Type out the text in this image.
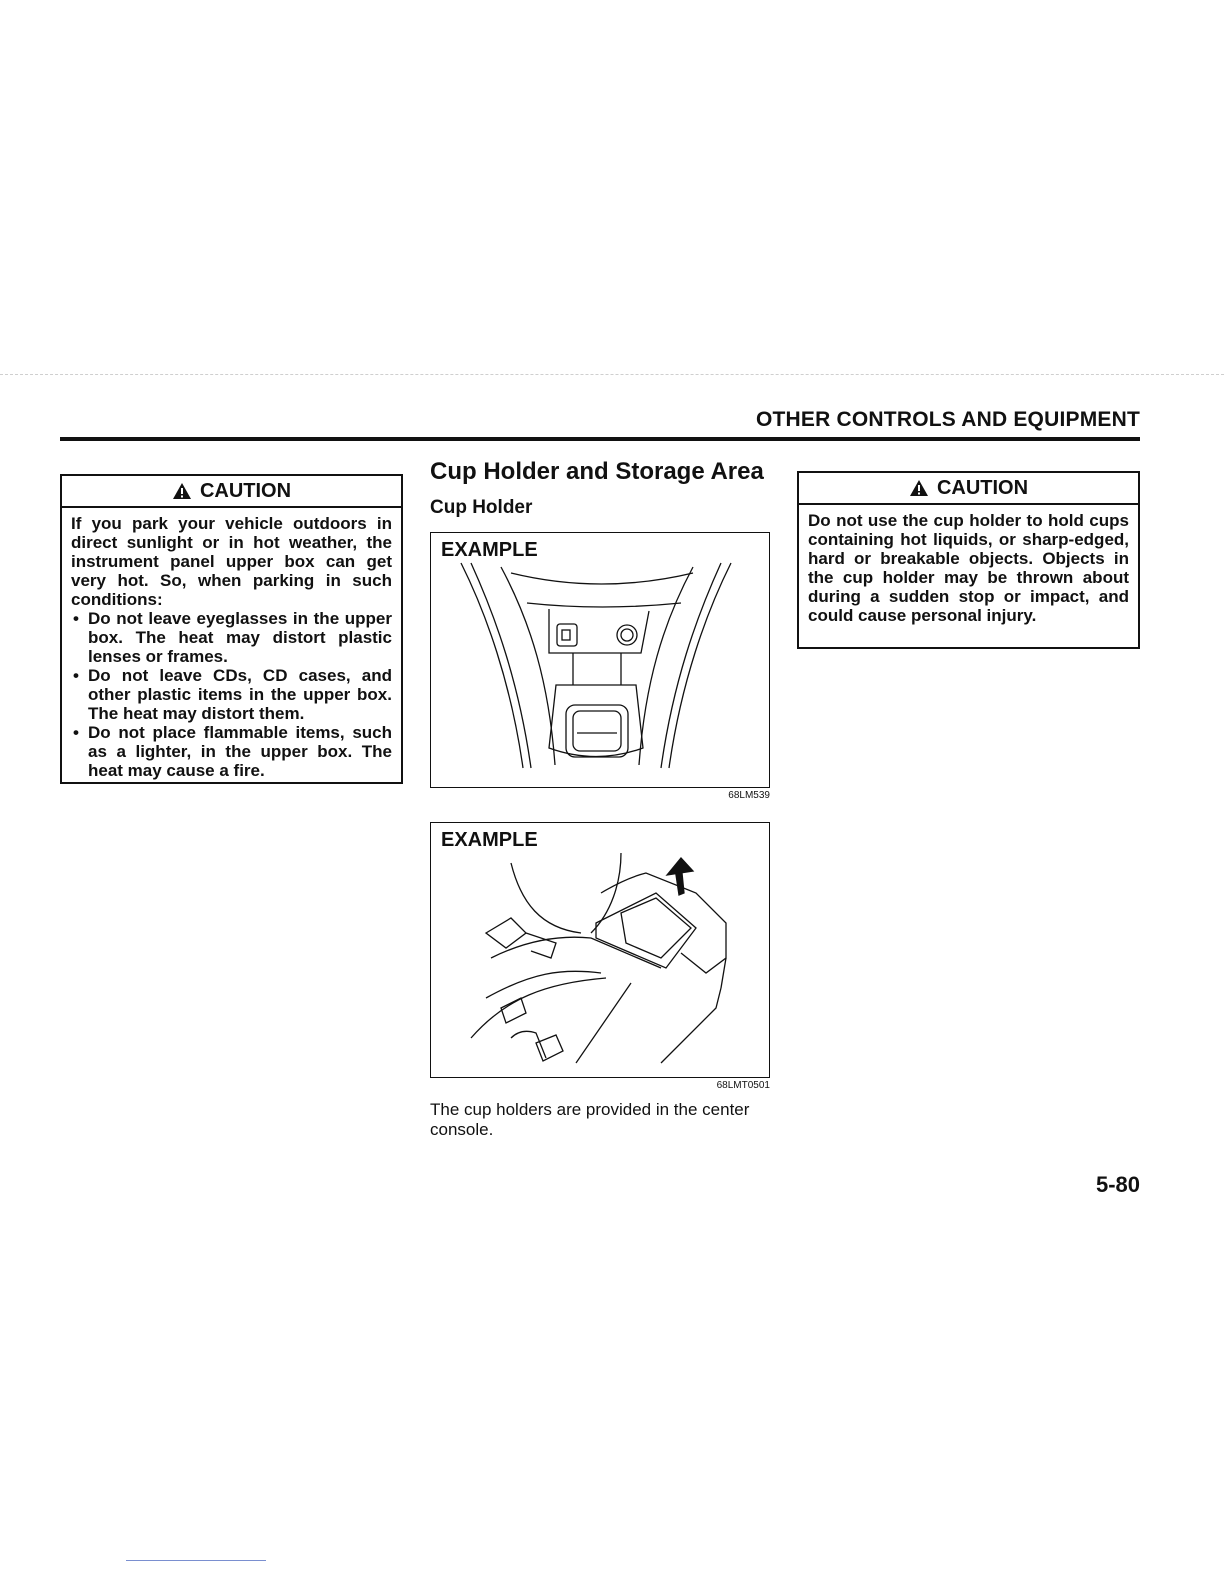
OTHER CONTROLS AND EQUIPMENT
CAUTION

If you park your vehicle outdoors in direct sunlight or in hot weather, the instrument panel upper box can get very hot. So, when parking in such conditions:

• Do not leave eyeglasses in the upper box. The heat may distort plastic lenses or frames.
• Do not leave CDs, CD cases, and other plastic items in the upper box. The heat may distort them.
• Do not place flammable items, such as a lighter, in the upper box. The heat may cause a fire.
Cup Holder and Storage Area
Cup Holder
EXAMPLE
68LM539
EXAMPLE
68LMT0501
The cup holders are provided in the center console.
CAUTION

Do not use the cup holder to hold cups containing hot liquids, or sharp-edged, hard or breakable objects. Objects in the cup holder may be thrown about during a sudden stop or impact, and could cause personal injury.

5-80
